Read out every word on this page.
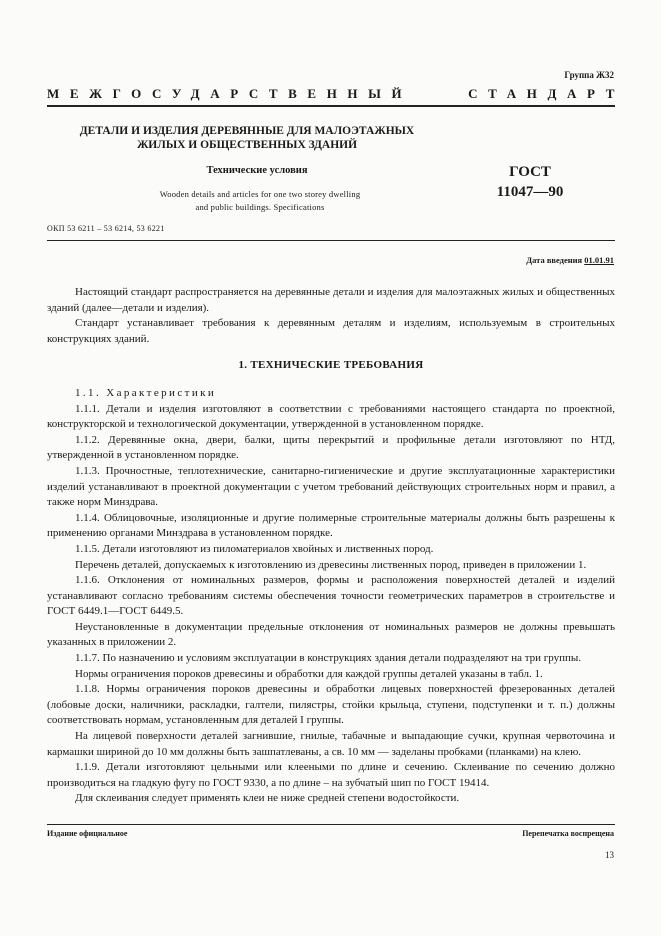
Группа Ж32
МЕЖГОСУДАРСТВЕННЫЙ	СТАНДАРТ
ДЕТАЛИ И ИЗДЕЛИЯ ДЕРЕВЯННЫЕ ДЛЯ МАЛОЭТАЖНЫХ
ЖИЛЫХ И ОБЩЕСТВЕННЫХ ЗДАНИЙ
Технические условия
Wooden details and articles for one two storey dwelling
and public buildings. Specifications
ГОСТ
11047—90
ОКП 53 6211 – 53 6214, 53 6221
Дата введения 01.01.91

Настоящий стандарт распространяется на деревянные детали и изделия для малоэтажных жилых и общественных зданий (далее—детали и изделия).

Стандарт устанавливает требования к деревянным деталям и изделиям, используемым в строительных конструкциях зданий.

1. ТЕХНИЧЕСКИЕ ТРЕБОВАНИЯ

1.1. Характеристики

1.1.1. Детали и изделия изготовляют в соответствии с требованиями настоящего стандарта по проектной, конструкторской и технологической документации, утвержденной в установленном порядке.

1.1.2. Деревянные окна, двери, балки, щиты перекрытий и профильные детали изготовляют по НТД, утвержденной в установленном порядке.

1.1.3. Прочностные, теплотехнические, санитарно-гигиенические и другие эксплуатационные характеристики изделий устанавливают в проектной документации с учетом требований действующих строительных норм и правил, а также норм Минздрава.

1.1.4. Облицовочные, изоляционные и другие полимерные строительные материалы должны быть разрешены к применению органами Минздрава в установленном порядке.

1.1.5. Детали изготовляют из пиломатериалов хвойных и лиственных пород.

Перечень деталей, допускаемых к изготовлению из древесины лиственных пород, приведен в приложении 1.

1.1.6. Отклонения от номинальных размеров, формы и расположения поверхностей деталей и изделий устанавливают согласно требованиям системы обеспечения точности геометрических параметров в строительстве и ГОСТ 6449.1—ГОСТ 6449.5.

Неустановленные в документации предельные отклонения от номинальных размеров не должны превышать указанных в приложении 2.

1.1.7. По назначению и условиям эксплуатации в конструкциях здания детали подразделяют на три группы.

Нормы ограничения пороков древесины и обработки для каждой группы деталей указаны в табл. 1.

1.1.8. Нормы ограничения пороков древесины и обработки лицевых поверхностей фрезерованных деталей (лобовые доски, наличники, раскладки, галтели, пилястры, стойки крыльца, ступени, подступенки и т. п.) должны соответствовать нормам, установленным для деталей I группы.

На лицевой поверхности деталей загнившие, гнилые, табачные и выпадающие сучки, крупная червоточина и кармашки шириной до 10 мм должны быть зашпатлеваны, а св. 10 мм — заделаны пробками (планками) на клею.

1.1.9. Детали изготовляют цельными или клееными по длине и сечению. Склеивание по сечению должно производиться на гладкую фугу по ГОСТ 9330, а по длине – на зубчатый шип по ГОСТ 19414.

Для склеивания следует применять клеи не ниже средней степени водостойкости.

Издание официальное	Перепечатка воспрещена
13
